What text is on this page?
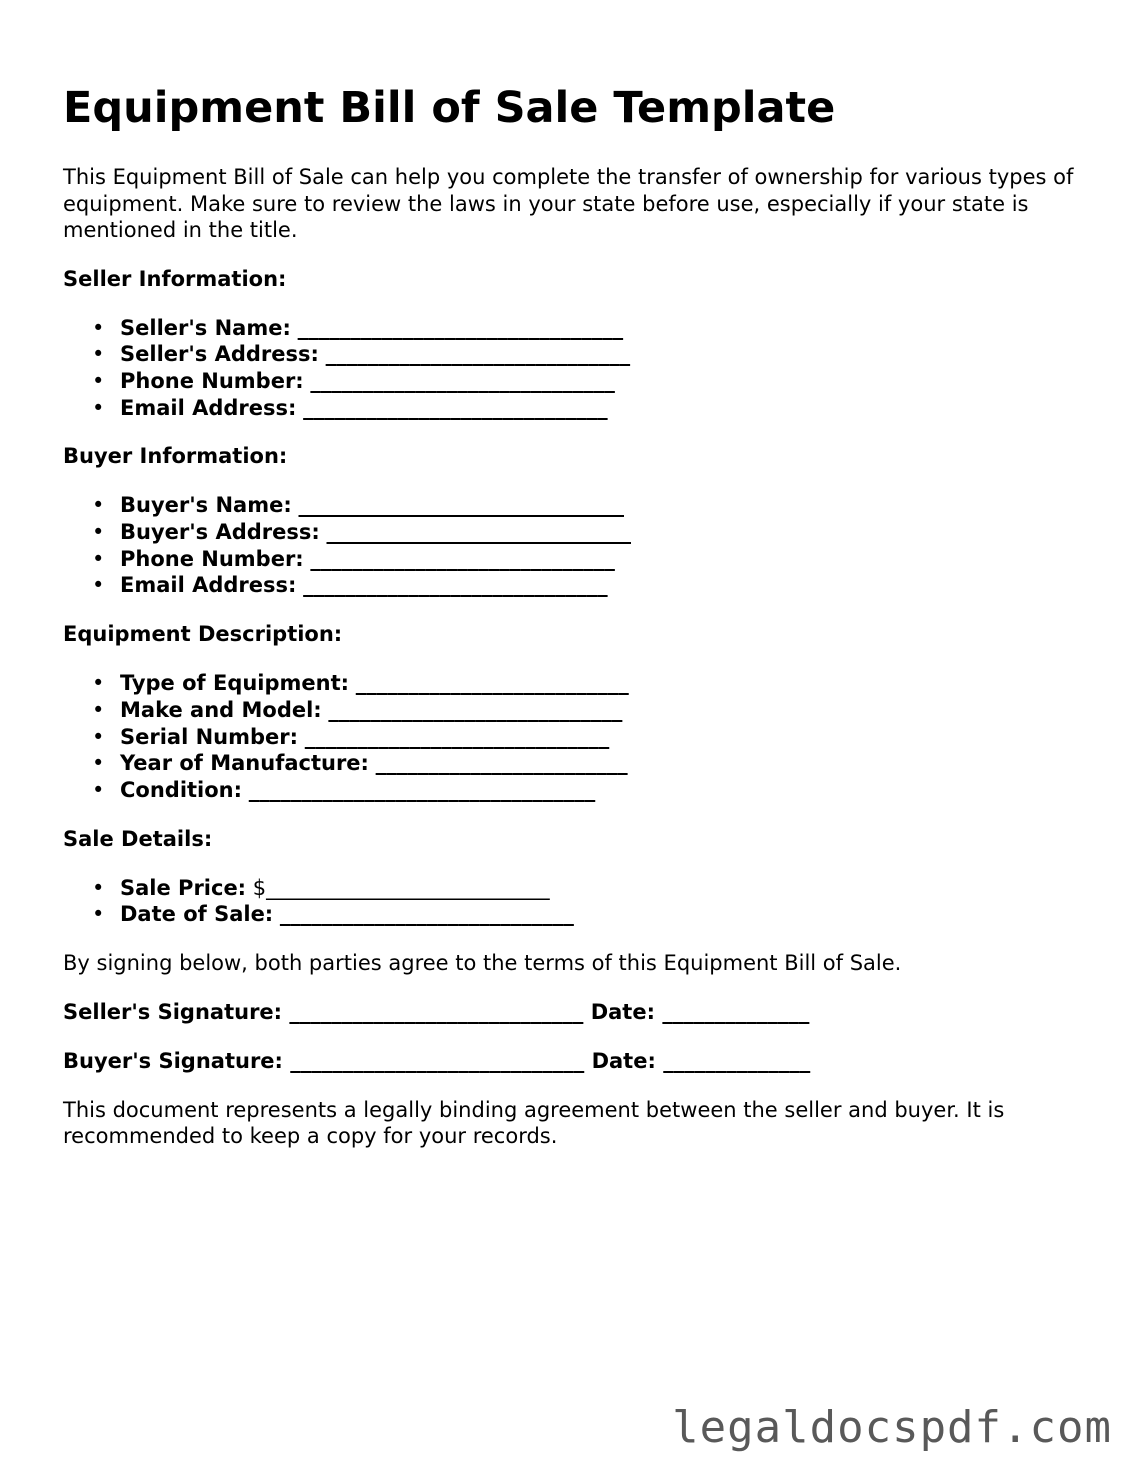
Equipment Bill of Sale Template

This Equipment Bill of Sale can help you complete the transfer of ownership for various types of equipment. Make sure to review the laws in your state before use, especially if your state is mentioned in the title.

Seller Information:
• Seller's Name: _______________________________
• Seller's Address: _____________________________
• Phone Number: _____________________________
• Email Address: _____________________________
Buyer Information:
• Buyer's Name: _______________________________
• Buyer's Address: _____________________________
• Phone Number: _____________________________
• Email Address: _____________________________
Equipment Description:
• Type of Equipment: __________________________
• Make and Model: ____________________________
• Serial Number: _____________________________
• Year of Manufacture: ________________________
• Condition: _________________________________
Sale Details:
• Sale Price: $___________________________
• Date of Sale: ____________________________

By signing below, both parties agree to the terms of this Equipment Bill of Sale.

Seller's Signature: ____________________________ Date: ______________
Buyer's Signature: ____________________________ Date: ______________

This document represents a legally binding agreement between the seller and buyer. It is recommended to keep a copy for your records.

legaldocspdf.com
